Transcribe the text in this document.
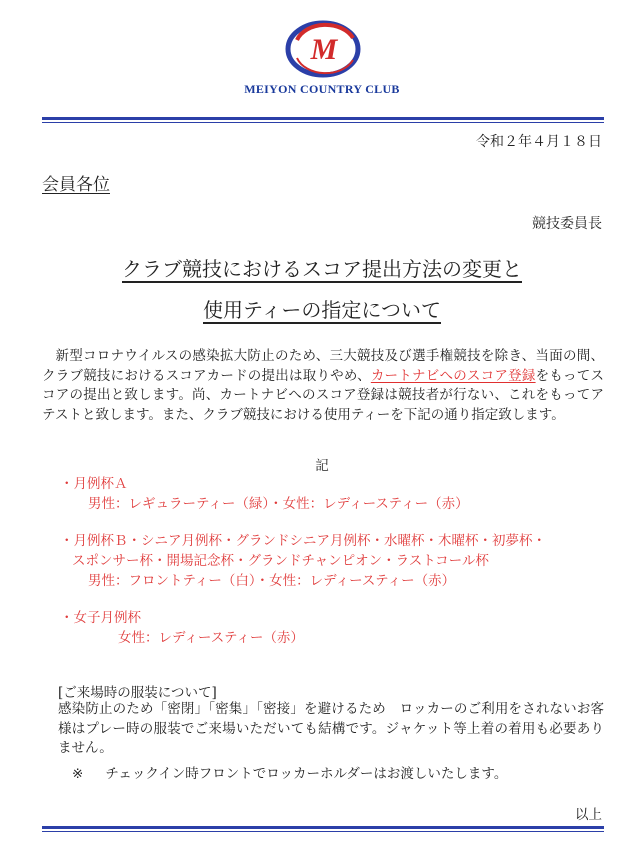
M
MEIYON COUNTRY CLUB
令和２年４月１８日
会員各位
競技委員長
クラブ競技におけるスコア提出方法の変更と
使用ティーの指定について
新型コロナウイルスの感染拡大防止のため、三大競技及び選手権競技を除き、当面の間、クラブ競技におけるスコアカードの提出は取りやめ、カートナビへのスコア登録をもってスコアの提出と致します。尚、カートナビへのスコア登録は競技者が行ない、これをもってアテストと致します。また、クラブ競技における使用ティーを下記の通り指定致します。
記
・月例杯Ａ
男性：レギュラーティー（緑）・女性：レディースティー（赤）
・月例杯Ｂ・シニア月例杯・グランドシニア月例杯・水曜杯・木曜杯・初夢杯・
スポンサー杯・開場記念杯・グランドチャンピオン・ラストコール杯
男性：フロントティー（白）・女性：レディースティー（赤）
・女子月例杯
女性：レディースティー（赤）
[ご来場時の服装について]
感染防止のため「密閉」「密集」「密接」を避けるため　ロッカーのご利用をされないお客様はプレー時の服装でご来場いただいても結構です。ジャケット等上着の着用も必要ありません。
※ チェックイン時フロントでロッカーホルダーはお渡しいたします。
以上
